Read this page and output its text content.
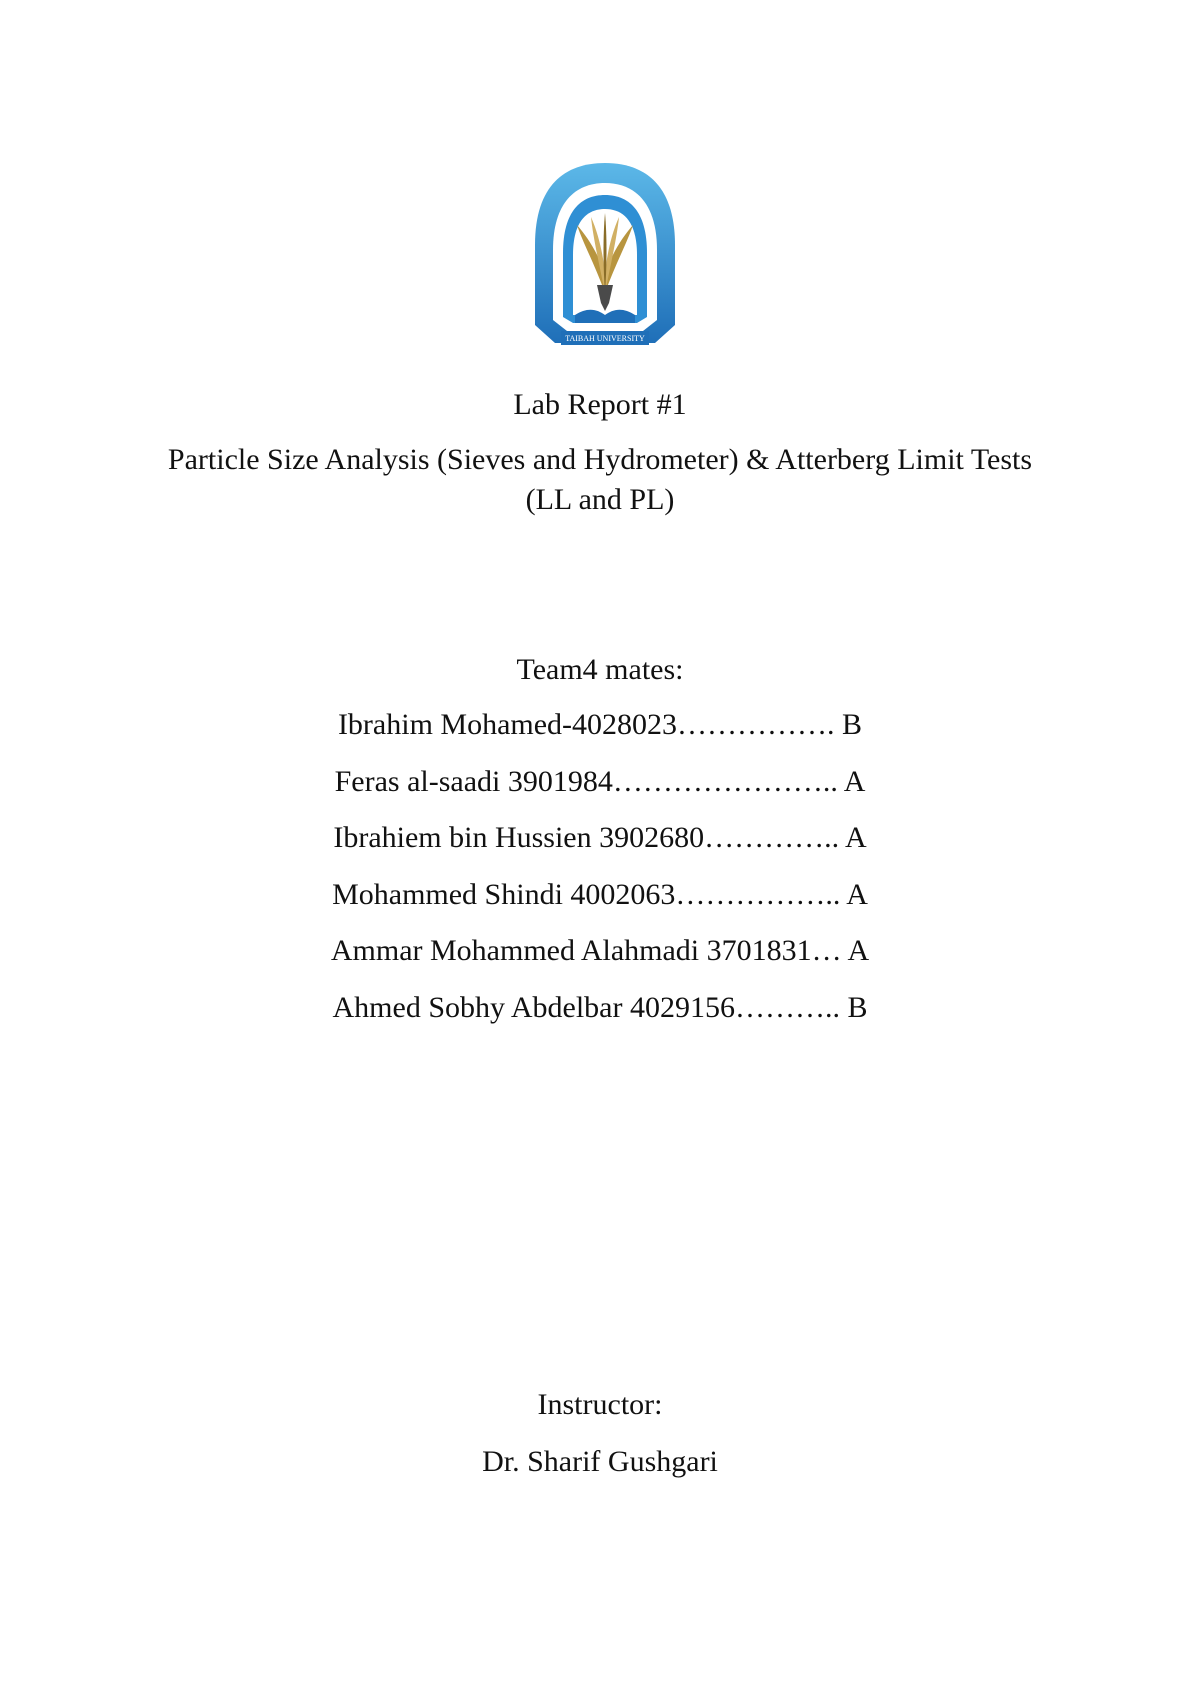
TAIBAH UNIVERSITY
Lab Report #1
Particle Size Analysis (Sieves and Hydrometer) & Atterberg Limit Tests (LL and PL)
Team4 mates:
Ibrahim Mohamed-4028023……………. B
Feras al-saadi 3901984………………….. A
Ibrahiem bin Hussien 3902680………….. A
Mohammed Shindi 4002063…………….. A
Ammar Mohammed Alahmadi 3701831… A
Ahmed Sobhy Abdelbar 4029156……….. B
Instructor:
Dr. Sharif Gushgari
